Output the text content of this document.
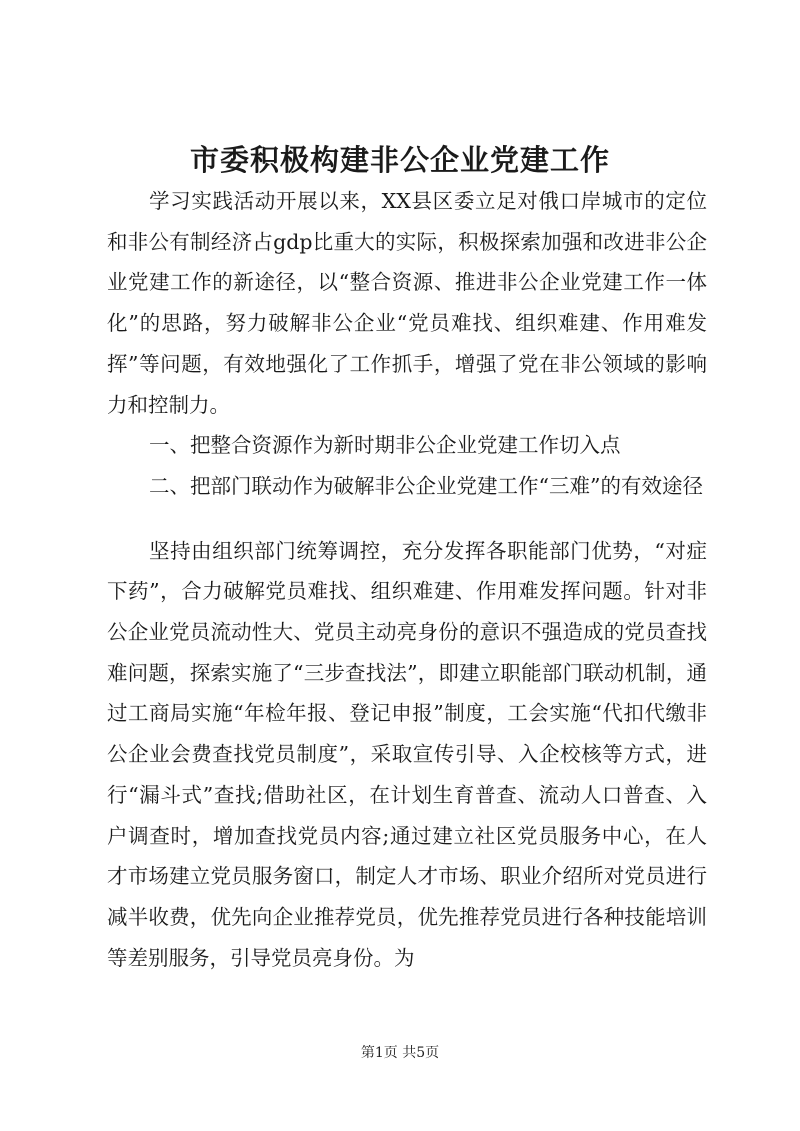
市委积极构建非公企业党建工作

学习实践活动开展以来，XX县区委立足对俄口岸城市的定位和非公有制经济占gdp比重大的实际，积极探索加强和改进非公企业党建工作的新途径，以“整合资源、推进非公企业党建工作一体化”的思路，努力破解非公企业“党员难找、组织难建、作用难发挥”等问题，有效地强化了工作抓手，增强了党在非公领域的影响力和控制力。

一、把整合资源作为新时期非公企业党建工作切入点

二、把部门联动作为破解非公企业党建工作“三难”的有效途径

坚持由组织部门统筹调控，充分发挥各职能部门优势，“对症下药”，合力破解党员难找、组织难建、作用难发挥问题。针对非公企业党员流动性大、党员主动亮身份的意识不强造成的党员查找难问题，探索实施了“三步查找法”，即建立职能部门联动机制，通过工商局实施“年检年报、登记申报”制度，工会实施“代扣代缴非公企业会费查找党员制度”，采取宣传引导、入企校核等方式，进行“漏斗式”查找;借助社区，在计划生育普查、流动人口普查、入户调查时，增加查找党员内容;通过建立社区党员服务中心，在人才市场建立党员服务窗口，制定人才市场、职业介绍所对党员进行减半收费，优先向企业推荐党员，优先推荐党员进行各种技能培训等差别服务，引导党员亮身份。为

第1页 共5页
